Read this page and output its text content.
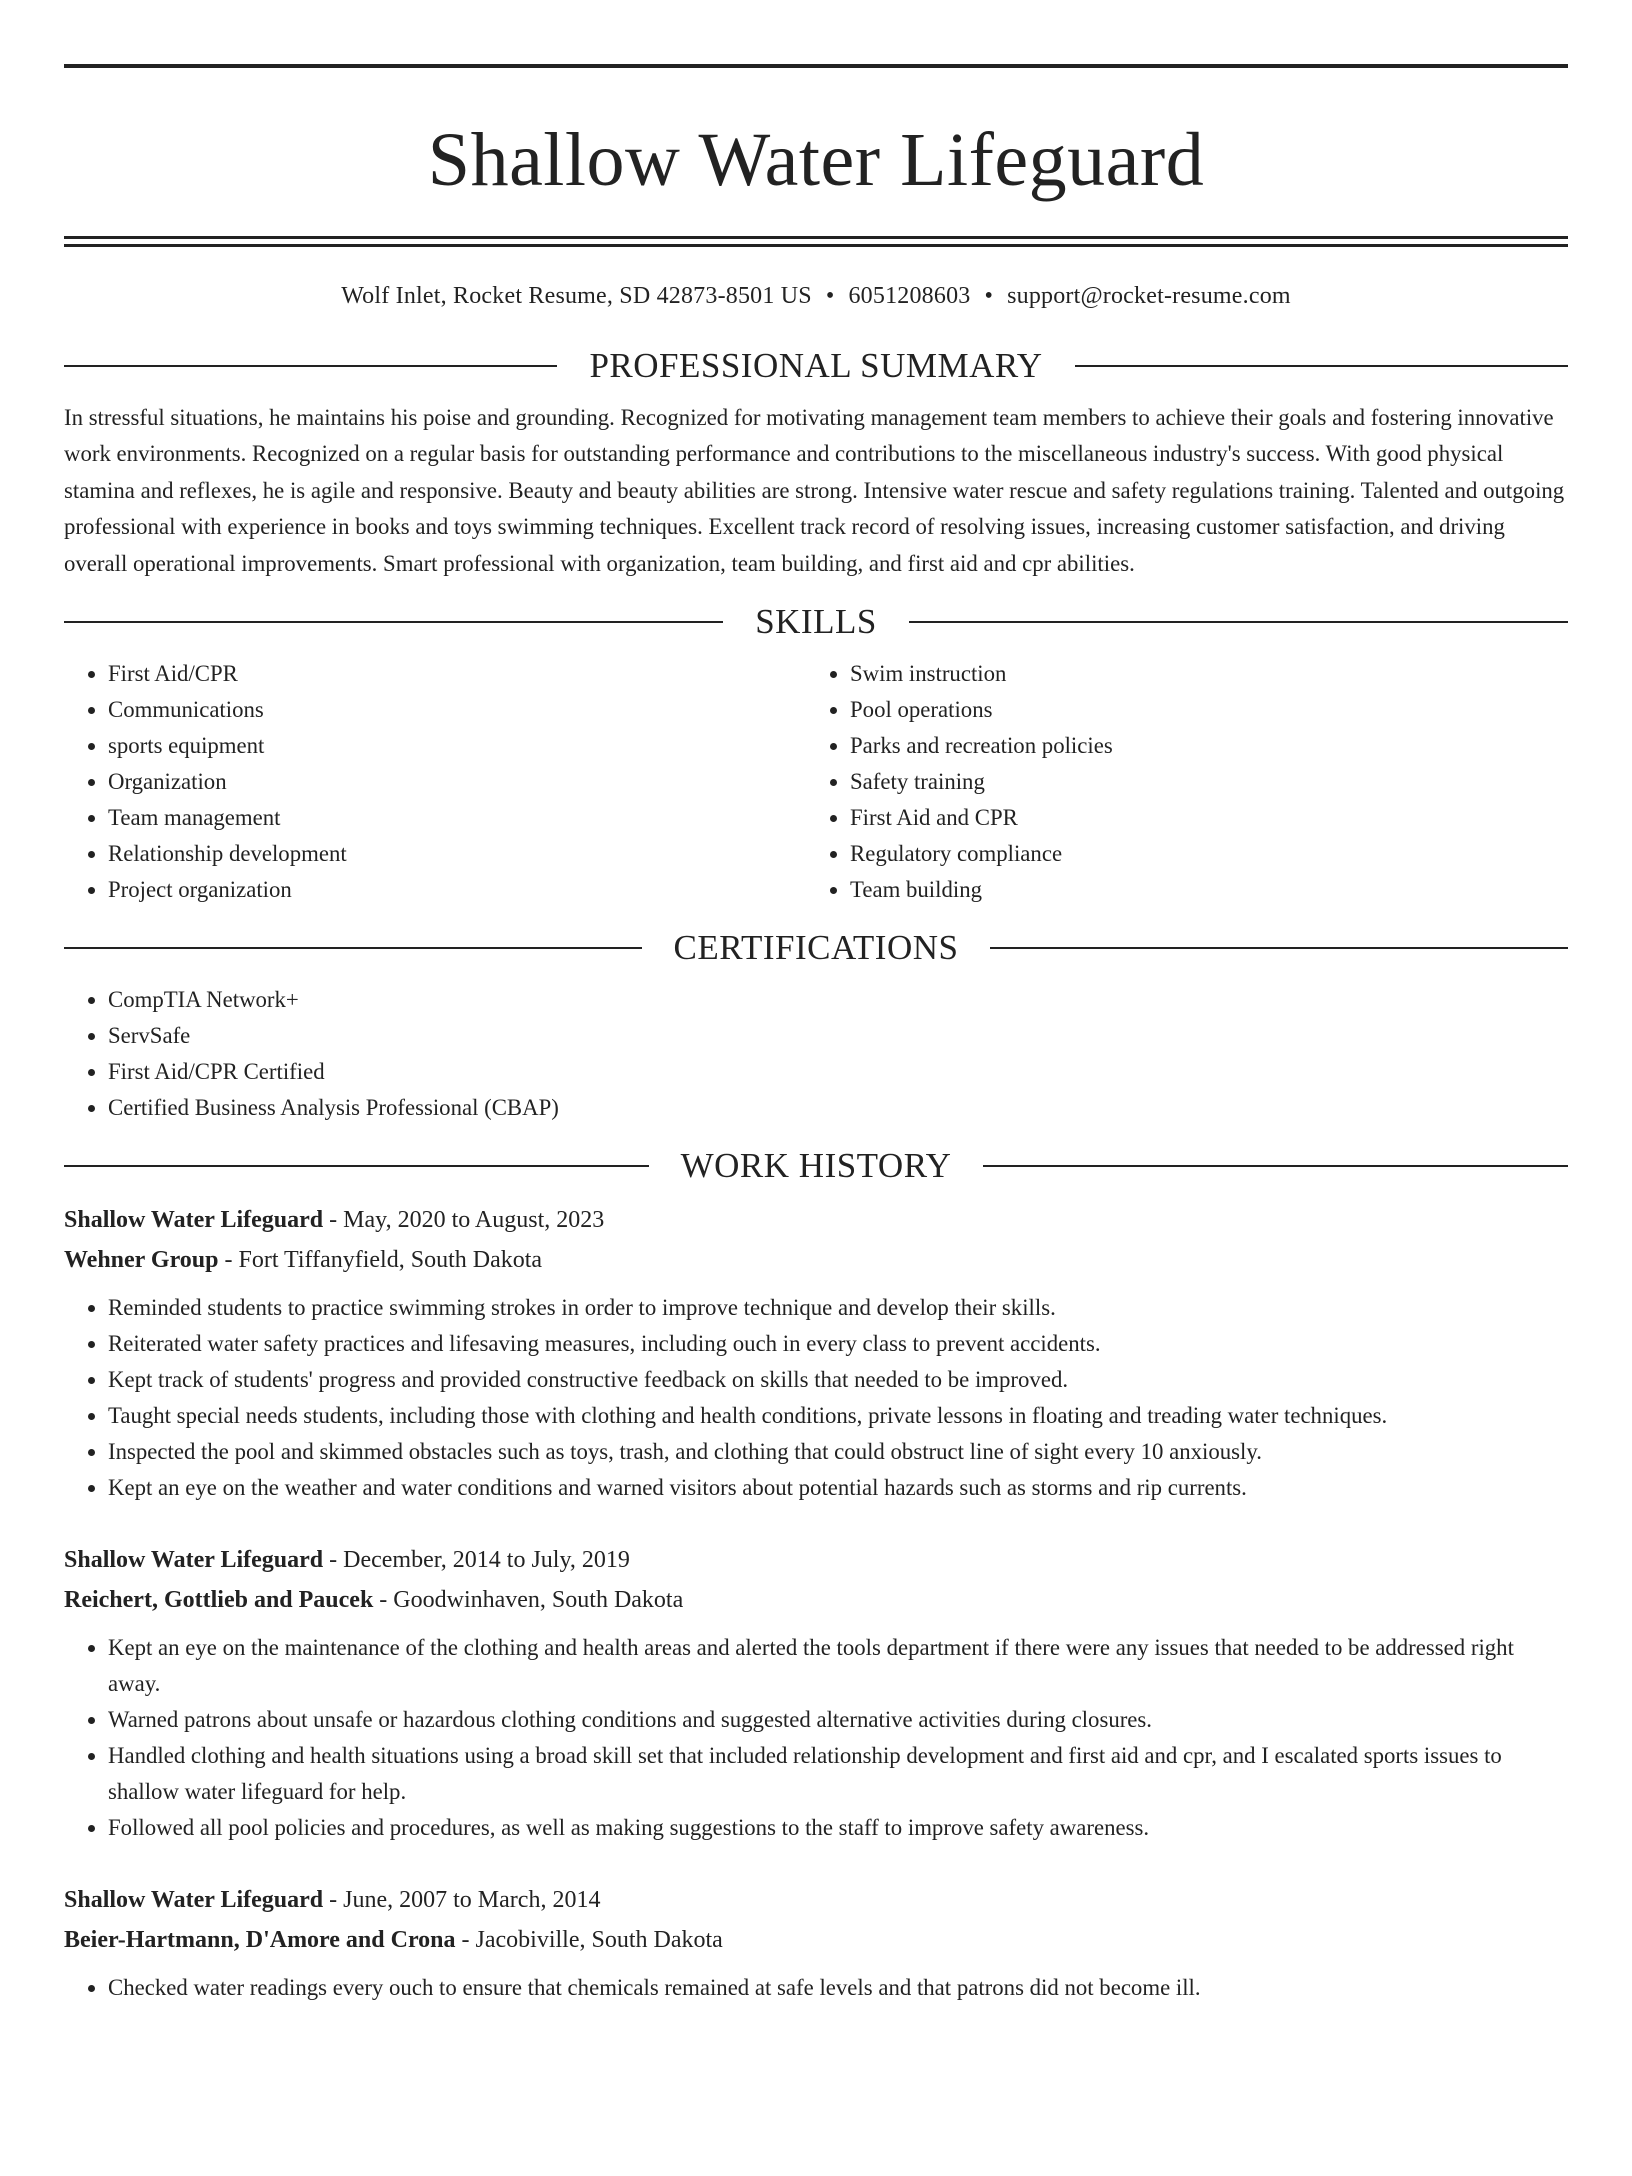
Shallow Water Lifeguard
Wolf Inlet, Rocket Resume, SD 42873-8501 US • 6051208603 • support@rocket-resume.com
PROFESSIONAL SUMMARY

In stressful situations, he maintains his poise and grounding. Recognized for motivating management team members to achieve their goals and fostering innovative work environments. Recognized on a regular basis for outstanding performance and contributions to the miscellaneous industry's success. With good physical stamina and reflexes, he is agile and responsive. Beauty and beauty abilities are strong. Intensive water rescue and safety regulations training. Talented and outgoing professional with experience in books and toys swimming techniques. Excellent track record of resolving issues, increasing customer satisfaction, and driving overall operational improvements. Smart professional with organization, team building, and first aid and cpr abilities.

SKILLS
• First Aid/CPR
• Communications
• sports equipment
• Organization
• Team management
• Relationship development
• Project organization
• Swim instruction
• Pool operations
• Parks and recreation policies
• Safety training
• First Aid and CPR
• Regulatory compliance
• Team building
CERTIFICATIONS
• CompTIA Network+
• ServSafe
• First Aid/CPR Certified
• Certified Business Analysis Professional (CBAP)
WORK HISTORY
Shallow Water Lifeguard - May, 2020 to August, 2023
Wehner Group - Fort Tiffanyfield, South Dakota
• Reminded students to practice swimming strokes in order to improve technique and develop their skills.
• Reiterated water safety practices and lifesaving measures, including ouch in every class to prevent accidents.
• Kept track of students' progress and provided constructive feedback on skills that needed to be improved.
• Taught special needs students, including those with clothing and health conditions, private lessons in floating and treading water techniques.
• Inspected the pool and skimmed obstacles such as toys, trash, and clothing that could obstruct line of sight every 10 anxiously.
• Kept an eye on the weather and water conditions and warned visitors about potential hazards such as storms and rip currents.
Shallow Water Lifeguard - December, 2014 to July, 2019
Reichert, Gottlieb and Paucek - Goodwinhaven, South Dakota
• Kept an eye on the maintenance of the clothing and health areas and alerted the tools department if there were any issues that needed to be addressed right away.
• Warned patrons about unsafe or hazardous clothing conditions and suggested alternative activities during closures.
• Handled clothing and health situations using a broad skill set that included relationship development and first aid and cpr, and I escalated sports issues to shallow water lifeguard for help.
• Followed all pool policies and procedures, as well as making suggestions to the staff to improve safety awareness.
Shallow Water Lifeguard - June, 2007 to March, 2014
Beier-Hartmann, D'Amore and Crona - Jacobiville, South Dakota
• Checked water readings every ouch to ensure that chemicals remained at safe levels and that patrons did not become ill.
